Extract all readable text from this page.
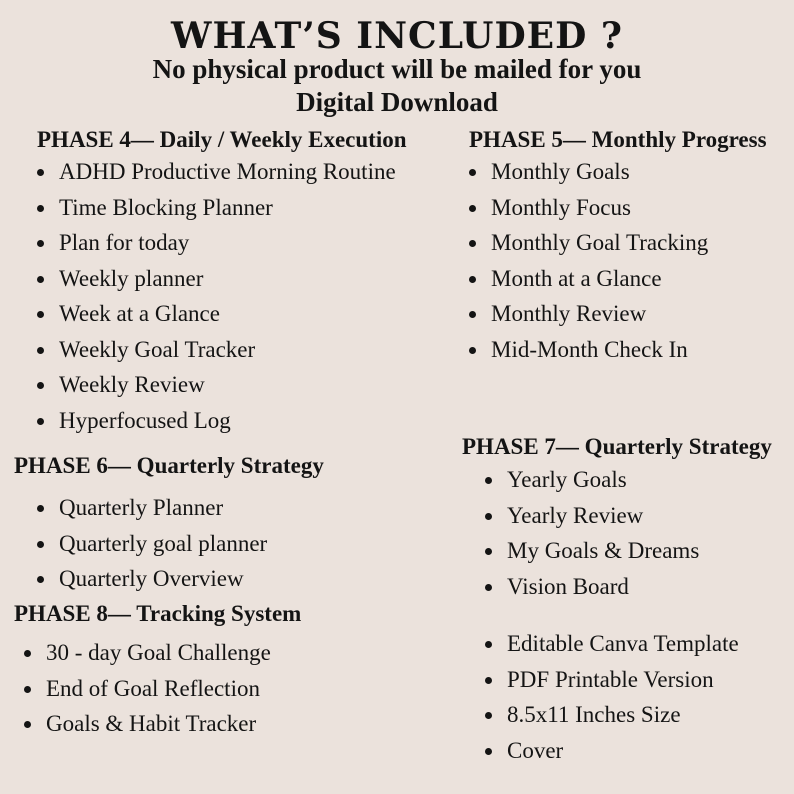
WHAT’S INCLUDED ?

No physical product will be mailed for you

Digital Download

PHASE 4— Daily / Weekly Execution
ADHD Productive Morning Routine
Time Blocking Planner
Plan for today
Weekly planner
Week at a Glance
Weekly Goal Tracker
Weekly Review
Hyperfocused Log
PHASE 5— Monthly Progress
Monthly Goals
Monthly Focus
Monthly Goal Tracking
Month at a Glance
Monthly Review
Mid-Month Check In
PHASE 6— Quarterly Strategy
Quarterly Planner
Quarterly goal planner
Quarterly Overview
PHASE 8— Tracking System
30 - day Goal Challenge
End of Goal Reflection
Goals & Habit Tracker
PHASE 7— Quarterly Strategy
Yearly Goals
Yearly Review
My Goals & Dreams
Vision Board
Editable Canva Template
PDF Printable Version
8.5x11 Inches Size
Cover
